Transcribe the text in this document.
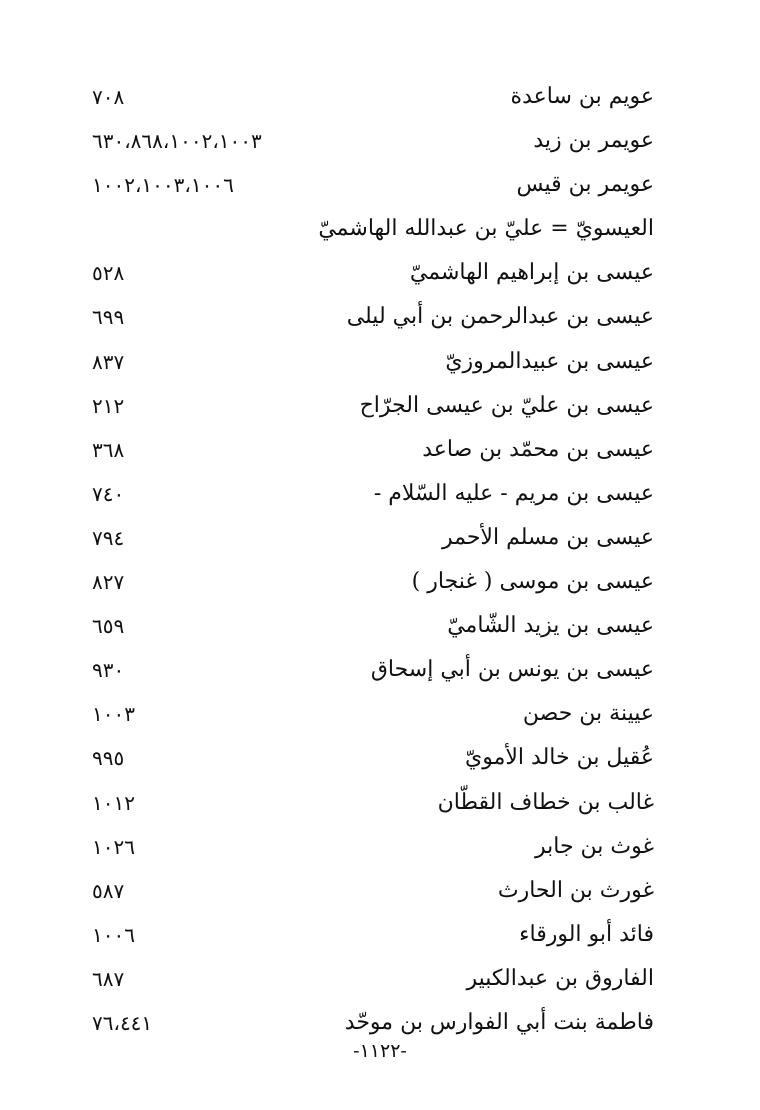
عويم بن ساعدة
٧٠٨
عويمر بن زيد
٦٣٠،٨٦٨،١٠٠٢،١٠٠٣
عويمر بن قيس
١٠٠٢،١٠٠٣،١٠٠٦
العيسويّ = عليّ بن عبدالله الهاشميّ
عيسى بن إبراهيم الهاشميّ
٥٢٨
عيسى بن عبدالرحمن بن أبي ليلى
٦٩٩
عيسى بن عبيدالمروزيّ
٨٣٧
عيسى بن عليّ بن عيسى الجرّاح
٢١٢
عيسى بن محمّد بن صاعد
٣٦٨
عيسى بن مريم - عليه السّلام -
٧٤٠
عيسى بن مسلم الأحمر
٧٩٤
عيسى بن موسى ( غنجار )
٨٢٧
عيسى بن يزيد الشّاميّ
٦٥٩
عيسى بن يونس بن أبي إسحاق
٩٣٠
عيينة بن حصن
١٠٠٣
عُقيل بن خالد الأمويّ
٩٩٥
غالب بن خطاف القطّان
١٠١٢
غوث بن جابر
١٠٢٦
غورث بن الحارث
٥٨٧
فائد أبو الورقاء
١٠٠٦
الفاروق بن عبدالكبير
٦٨٧
فاطمة بنت أبي الفوارس بن موحّد
٧٦،٤٤١
-١١٢٢-
